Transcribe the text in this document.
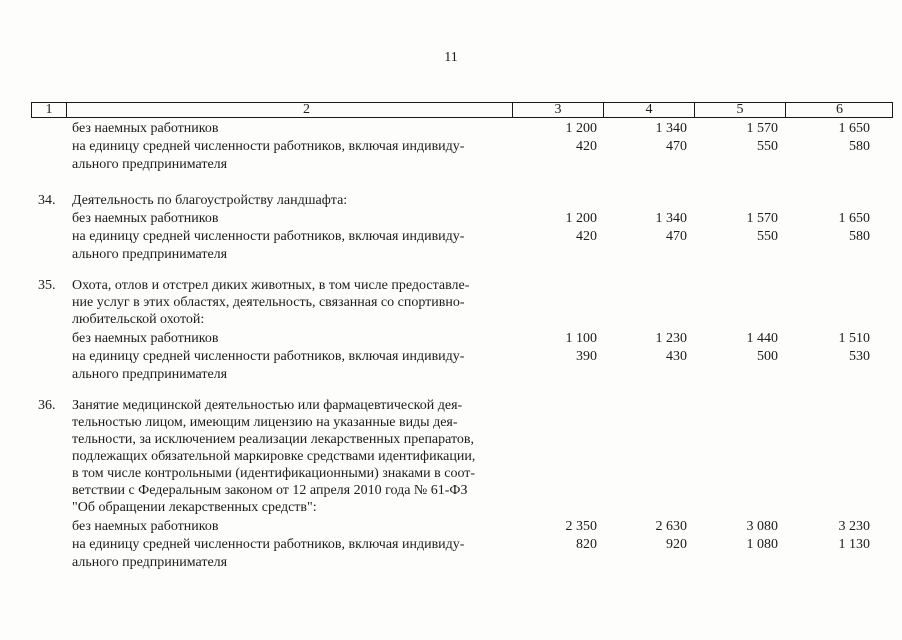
11
1	2	3	4	5	6
без наемных работников	1 200	1 340	1 570	1 650
на единицу средней численности работников, включая индивиду-	420	470	550	580
ального предпринимателя
34.	Деятельность по благоустройству ландшафта:
без наемных работников	1 200	1 340	1 570	1 650
на единицу средней численности работников, включая индивиду-	420	470	550	580
ального предпринимателя
35.	Охота, отлов и отстрел диких животных, в том числе предоставле-
ние услуг в этих областях, деятельность, связанная со спортивно-
любительской охотой:
без наемных работников	1 100	1 230	1 440	1 510
на единицу средней численности работников, включая индивиду-	390	430	500	530
ального предпринимателя
36.	Занятие медицинской деятельностью или фармацевтической дея-
тельностью лицом, имеющим лицензию на указанные виды дея-
тельности, за исключением реализации лекарственных препаратов,
подлежащих обязательной маркировке средствами идентификации,
в том числе контрольными (идентификационными) знаками в соот-
ветствии с Федеральным законом от 12 апреля 2010 года № 61-ФЗ
"Об обращении лекарственных средств":
без наемных работников	2 350	2 630	3 080	3 230
на единицу средней численности работников, включая индивиду-	820	920	1 080	1 130
ального предпринимателя
